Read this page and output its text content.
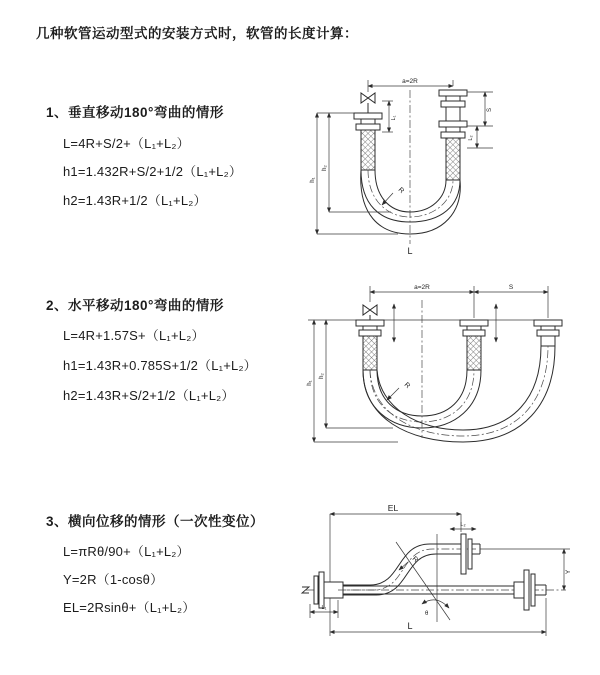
几种软管运动型式的安装方式时，软管的长度计算：
1、垂直移动180°弯曲的情形
L=4R+S/2+（L₁+L₂）
h1=1.432R+S/2+1/2（L₁+L₂）
h2=1.43R+1/2（L₁+L₂）
2、水平移动180°弯曲的情形
L=4R+1.57S+（L₁+L₂）
h1=1.43R+0.785S+1/2（L₁+L₂）
h2=1.43R+S/2+1/2（L₁+L₂）
3、横向位移的情形（一次性变位）
L=πRθ/90+（L₁+L₂）
Y=2R（1-cosθ）
EL=2Rsinθ+（L₁+L₂）
a=2R
h₁
h₂
L₁
S
L₂
R
L
a=2R	S
h₁
h₂
R
EL
L₂
θ
R
Y
L₁
L
